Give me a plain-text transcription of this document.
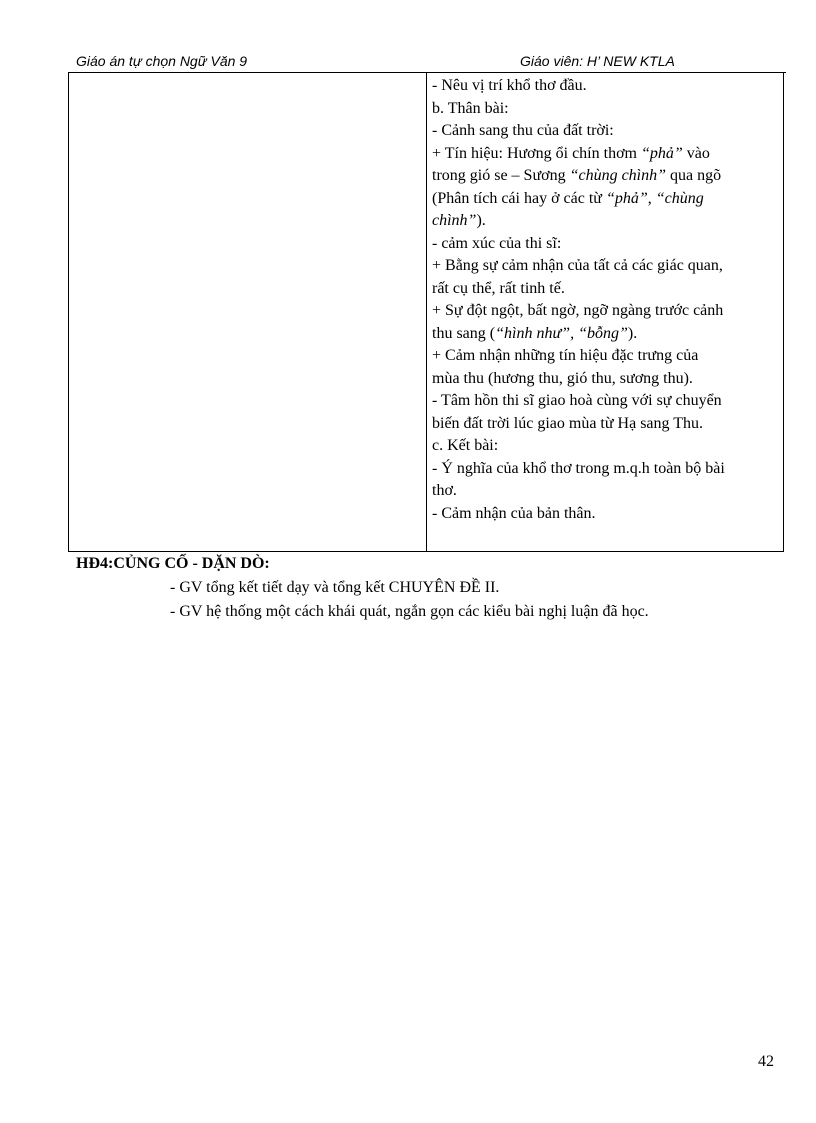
Giáo án tự chọn Ngữ Văn 9	Giáo viên: H’ NEW KTLA
- Nêu vị trí khổ thơ đầu.
b. Thân bài:
- Cảnh sang thu của đất trời:
+ Tín hiệu: Hương ổi chín thơm “phả” vào
trong gió se – Sương “chùng chình” qua ngõ
(Phân tích cái hay ở các từ “phả”, “chùng
chình”).
- cảm xúc của thi sĩ:
+ Bằng sự cảm nhận của tất cả các giác quan,
rất cụ thể, rất tinh tế.
+ Sự đột ngột, bất ngờ, ngỡ ngàng trước cảnh
thu sang (“hình như”, “bỗng”).
+ Cảm nhận những tín hiệu đặc trưng của
mùa thu (hương thu, gió thu, sương thu).
- Tâm hồn thi sĩ giao hoà cùng với sự chuyển
biến đất trời lúc giao mùa từ Hạ sang Thu.
c. Kết bài:
- Ý nghĩa của khổ thơ trong m.q.h toàn bộ bài
thơ.
- Cảm nhận của bản thân.
HĐ4:CỦNG CỐ - DẶN DÒ:
- GV tổng kết tiết dạy và tổng kết CHUYÊN ĐỀ II.
- GV hệ thống một cách khái quát, ngắn gọn các kiểu bài nghị luận đã học.
42
